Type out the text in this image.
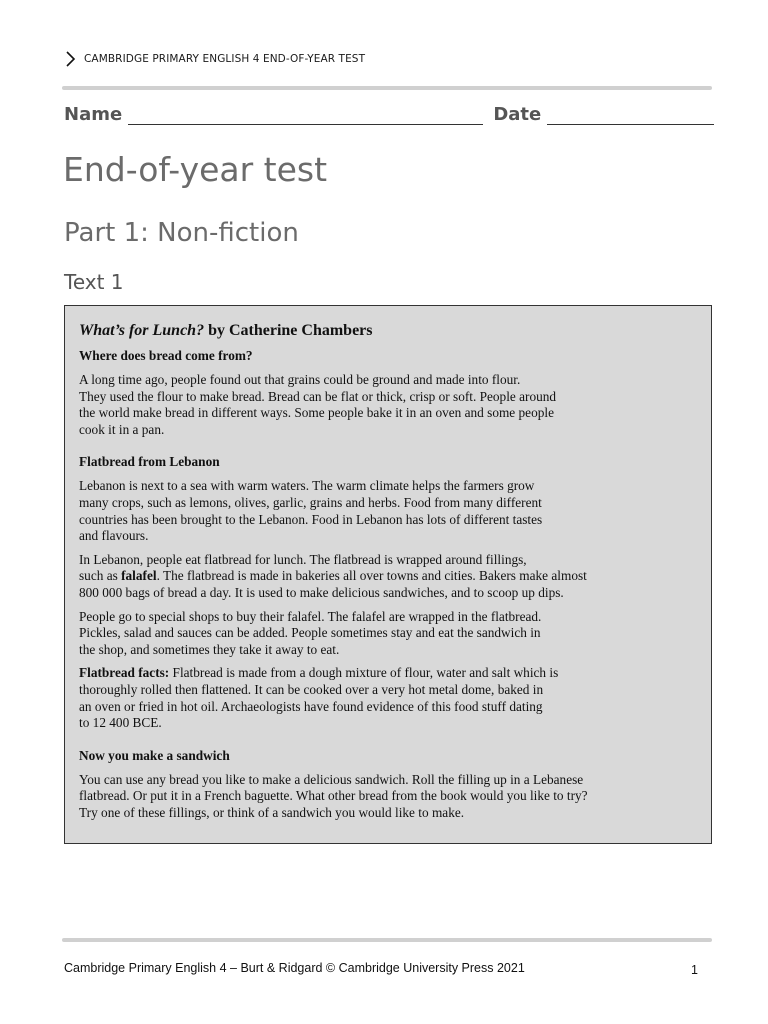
CAMBRIDGE PRIMARY ENGLISH 4 END-OF-YEAR TEST
Name	Date
End-of-year test
Part 1: Non-fiction
Text 1

What’s for Lunch? by Catherine Chambers

Where does bread come from?

A long time ago, people found out that grains could be ground and made into flour.
They used the flour to make bread. Bread can be flat or thick, crisp or soft. People around
the world make bread in different ways. Some people bake it in an oven and some people
cook it in a pan.

Flatbread from Lebanon

Lebanon is next to a sea with warm waters. The warm climate helps the farmers grow
many crops, such as lemons, olives, garlic, grains and herbs. Food from many different
countries has been brought to the Lebanon. Food in Lebanon has lots of different tastes
and flavours.

In Lebanon, people eat flatbread for lunch. The flatbread is wrapped around fillings,
such as falafel. The flatbread is made in bakeries all over towns and cities. Bakers make almost
800 000 bags of bread a day. It is used to make delicious sandwiches, and to scoop up dips.

People go to special shops to buy their falafel. The falafel are wrapped in the flatbread.
Pickles, salad and sauces can be added. People sometimes stay and eat the sandwich in
the shop, and sometimes they take it away to eat.

Flatbread facts: Flatbread is made from a dough mixture of flour, water and salt which is
thoroughly rolled then flattened. It can be cooked over a very hot metal dome, baked in
an oven or fried in hot oil. Archaeologists have found evidence of this food stuff dating
to 12 400 BCE.

Now you make a sandwich

You can use any bread you like to make a delicious sandwich. Roll the filling up in a Lebanese
flatbread. Or put it in a French baguette. What other bread from the book would you like to try?
Try one of these fillings, or think of a sandwich you would like to make.

Cambridge Primary English 4 – Burt & Ridgard © Cambridge University Press 2021	1
